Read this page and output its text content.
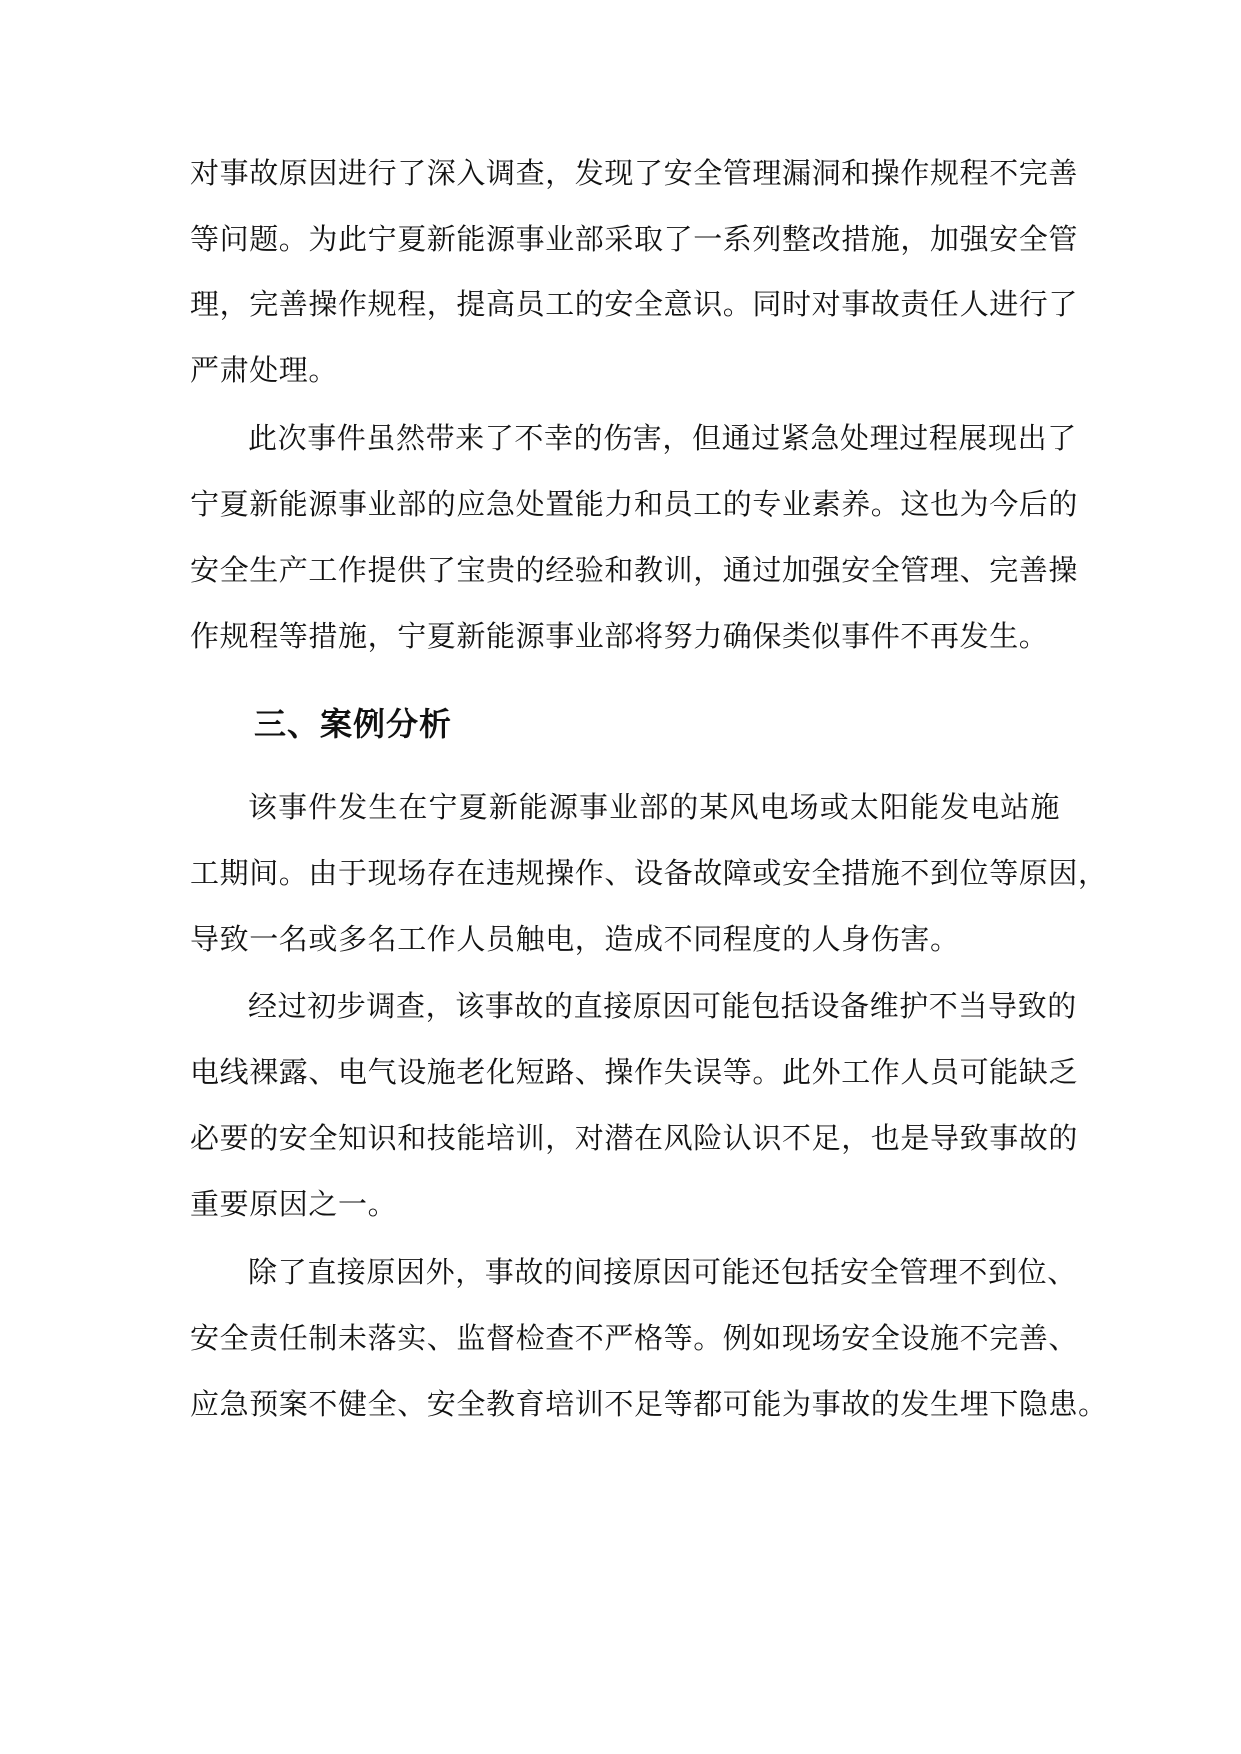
对事故原因进行了深入调查，发现了安全管理漏洞和操作规程不完善
等问题。为此宁夏新能源事业部采取了一系列整改措施，加强安全管
理，完善操作规程，提高员工的安全意识。同时对事故责任人进行了
严肃处理。
此次事件虽然带来了不幸的伤害，但通过紧急处理过程展现出了
宁夏新能源事业部的应急处置能力和员工的专业素养。这也为今后的
安全生产工作提供了宝贵的经验和教训，通过加强安全管理、完善操
作规程等措施，宁夏新能源事业部将努力确保类似事件不再发生。
三、案例分析
该事件发生在宁夏新能源事业部的某风电场或太阳能发电站施
工期间。由于现场存在违规操作、设备故障或安全措施不到位等原因，
导致一名或多名工作人员触电，造成不同程度的人身伤害。
经过初步调查，该事故的直接原因可能包括设备维护不当导致的
电线裸露、电气设施老化短路、操作失误等。此外工作人员可能缺乏
必要的安全知识和技能培训，对潜在风险认识不足，也是导致事故的
重要原因之一。
除了直接原因外，事故的间接原因可能还包括安全管理不到位、
安全责任制未落实、监督检查不严格等。例如现场安全设施不完善、
应急预案不健全、安全教育培训不足等都可能为事故的发生埋下隐患。
